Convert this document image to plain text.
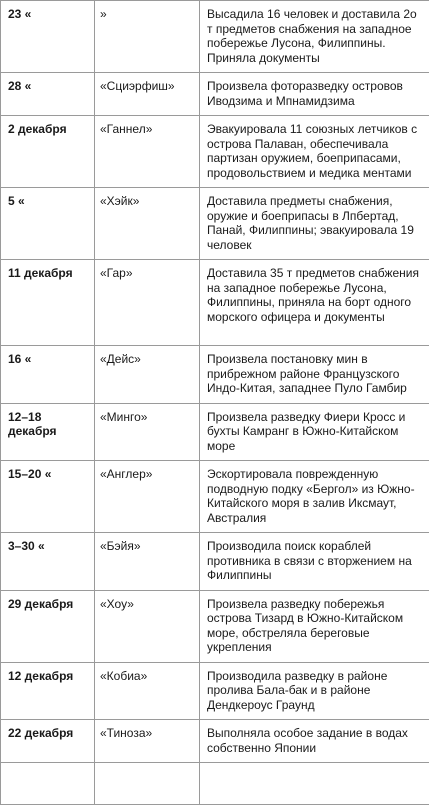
23 «	»	Высадила 16 человек и доставила 2о т предметов снабжения на западное побережье Лусона, Филиппины. Приняла документы
28 «	«Сциэрфиш»	Произвела фоторазведку островов Иводзима и Мпнамидзима
2 декабря	«Ганнел»	Эвакуировала 11 союзных летчиков с острова Палаван, обеспечивала партизан оружием, боеприпасами, продовольствием и медика ментами
5 «	«Хэйк»	Доставила предметы снабжения, оружие и боеприпасы в Лпбертад, Панай, Филиппины; эвакуировала 19 человек
11 декабря	«Гар»	Доставила 35 т предметов снабжения на западное побережье Лусона, Филиппины, приняла на борт одного морского офицера и документы
16 «	«Дейс»	Произвела постановку мин в прибрежном районе Французского Индо-Китая, западнее Пуло Гамбир
12–18 декабря	«Минго»	Произвела разведку Фиери Кросс и бухты Камранг в Южно-Китайском море
15–20 «	«Англер»	Эскортировала поврежденную подводную подку «Бергол» из Южно-Китайского моря в залив Иксмаут, Австралия
3–30 «	«Бэйя»	Производила поиск кораблей противника в связи с вторжением на Филиппины
29 декабря	«Хоу»	Произвела разведку побережья острова Тизард в Южно-Китайском море, обстреляла береговые укрепления
12 декабря	«Кобиа»	Производила разведку в районе пролива Бала-бак и в районе Дендкероус Граунд
22 декабря	«Тиноза»	Выполняла особое задание в водах собственно Японии
